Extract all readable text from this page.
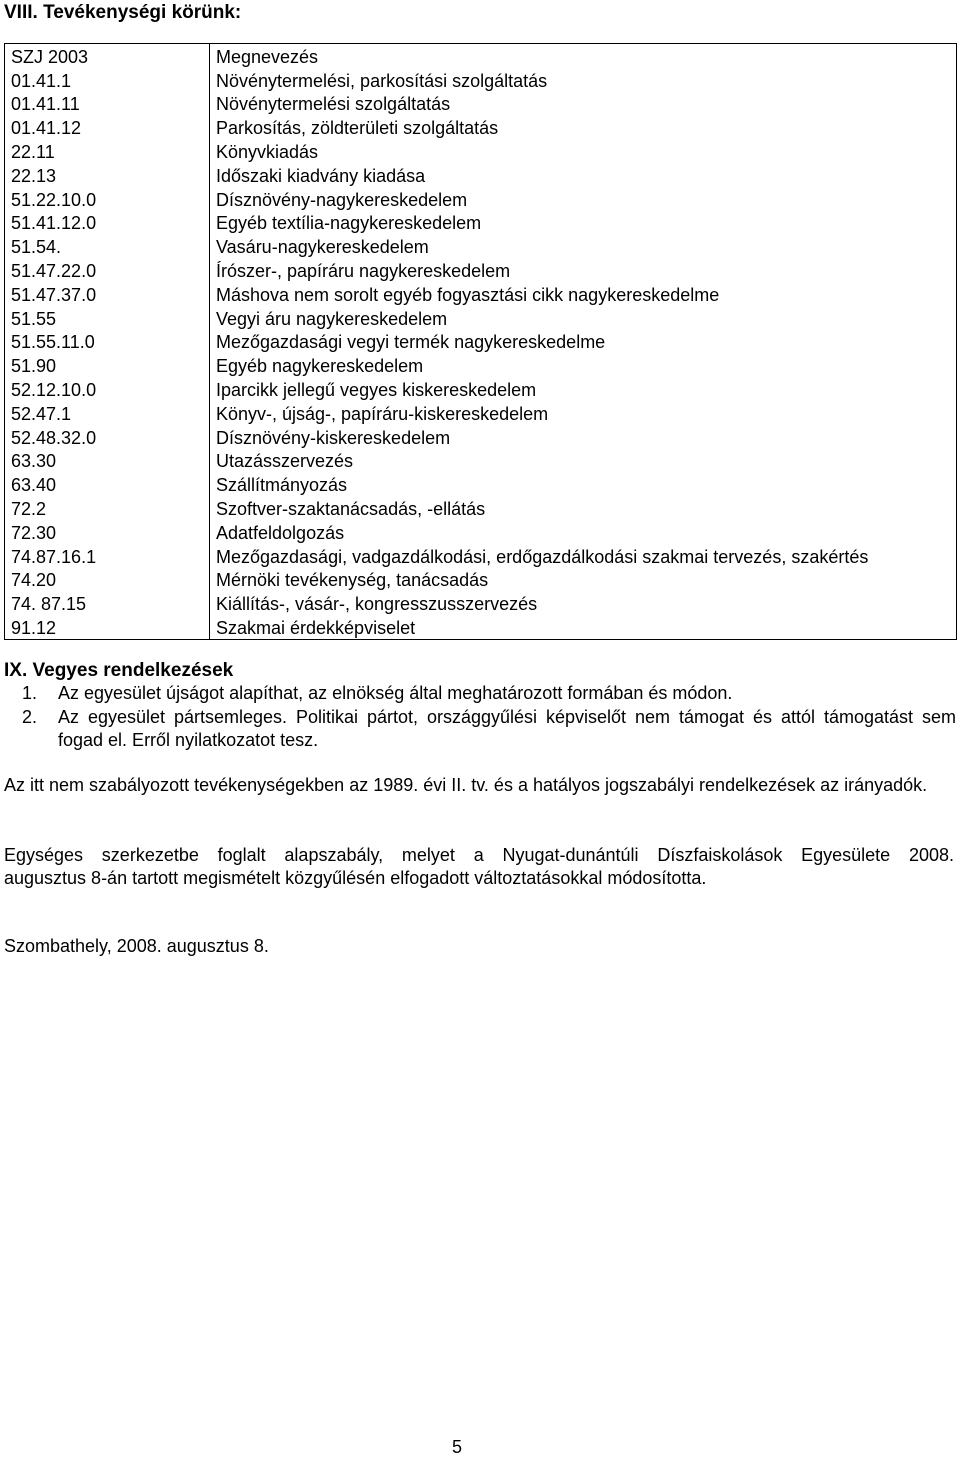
VIII. Tevékenységi körünk:
SZJ 2003	Megnevezés
01.41.1	Növénytermelési, parkosítási szolgáltatás
01.41.11	Növénytermelési szolgáltatás
01.41.12	Parkosítás, zöldterületi szolgáltatás
22.11	Könyvkiadás
22.13	Időszaki kiadvány kiadása
51.22.10.0	Dísznövény-nagykereskedelem
51.41.12.0	Egyéb textília-nagykereskedelem
51.54.	Vasáru-nagykereskedelem
51.47.22.0	Írószer-, papíráru nagykereskedelem
51.47.37.0	Máshova nem sorolt egyéb fogyasztási cikk nagykereskedelme
51.55	Vegyi áru nagykereskedelem
51.55.11.0	Mezőgazdasági vegyi termék nagykereskedelme
51.90	Egyéb nagykereskedelem
52.12.10.0	Iparcikk jellegű vegyes kiskereskedelem
52.47.1	Könyv-, újság-, papíráru-kiskereskedelem
52.48.32.0	Dísznövény-kiskereskedelem
63.30	Utazásszervezés
63.40	Szállítmányozás
72.2	Szoftver-szaktanácsadás, -ellátás
72.30	Adatfeldolgozás
74.87.16.1	Mezőgazdasági, vadgazdálkodási, erdőgazdálkodási szakmai tervezés, szakértés
74.20	Mérnöki tevékenység, tanácsadás
74. 87.15	Kiállítás-, vásár-, kongresszusszervezés
91.12	Szakmai érdekképviselet
IX. Vegyes rendelkezések
1.	Az egyesület újságot alapíthat, az elnökség által meghatározott formában és módon.
2.	Az egyesület pártsemleges. Politikai pártot, országgyűlési képviselőt nem támogat és attól támogatást sem fogad el. Erről nyilatkozatot tesz.

Az itt nem szabályozott tevékenységekben az 1989. évi II. tv. és a hatályos jogszabályi rendelkezések az irányadók.

Egységes szerkezetbe foglalt alapszabály, melyet a Nyugat-dunántúli Díszfaiskolások Egyesülete 2008.
augusztus 8-án tartott megismételt közgyűlésén elfogadott változtatásokkal módosította.

Szombathely, 2008. augusztus 8.

5
